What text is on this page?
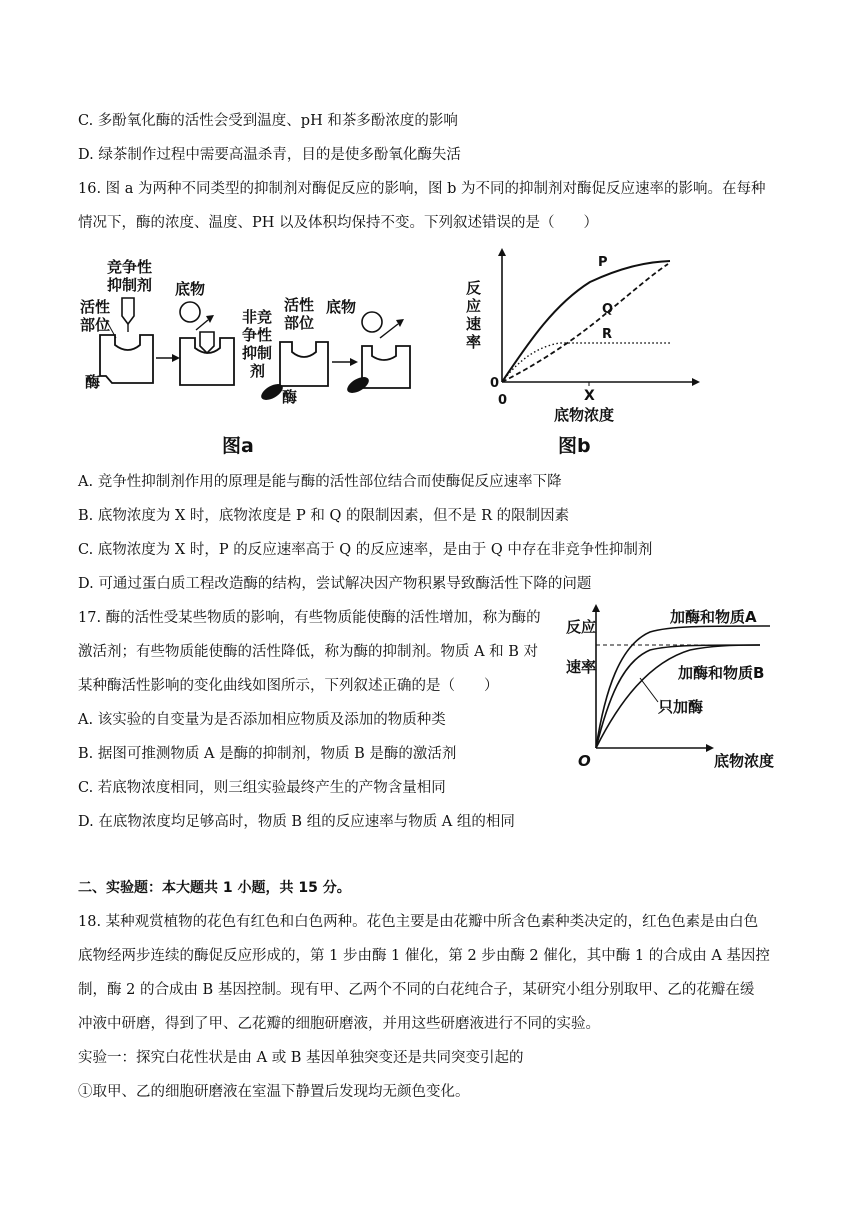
C. 多酚氧化酶的活性会受到温度、pH 和茶多酚浓度的影响
D. 绿茶制作过程中需要高温杀青，目的是使多酚氧化酶失活
16. 图 a 为两种不同类型的抑制剂对酶促反应的影响，图 b 为不同的抑制剂对酶促反应速率的影响。在每种
情况下，酶的浓度、温度、PH 以及体积均保持不变。下列叙述错误的是（　　）
竞争性
抑制剂
活性
部位
酶
底物
非竞
争性
抑制
剂
活性
部位
底物
酶
图a
反
应
速
率
0
0	X
底物浓度
P
Q
R
图b
A. 竞争性抑制剂作用的原理是能与酶的活性部位结合而使酶促反应速率下降
B. 底物浓度为 X 时，底物浓度是 P 和 Q 的限制因素，但不是 R 的限制因素
C. 底物浓度为 X 时，P 的反应速率高于 Q 的反应速率，是由于 Q 中存在非竞争性抑制剂
D. 可通过蛋白质工程改造酶的结构，尝试解决因产物积累导致酶活性下降的问题
17. 酶的活性受某些物质的影响，有些物质能使酶的活性增加，称为酶的
激活剂；有些物质能使酶的活性降低，称为酶的抑制剂。物质 A 和 B 对
某种酶活性影响的变化曲线如图所示，下列叙述正确的是（　　）
A. 该实验的自变量为是否添加相应物质及添加的物质种类
B. 据图可推测物质 A 是酶的抑制剂，物质 B 是酶的激活剂
C. 若底物浓度相同，则三组实验最终产生的产物含量相同
D. 在底物浓度均足够高时，物质 B 组的反应速率与物质 A 组的相同
反应
速率
O	底物浓度
加酶和物质A
加酶和物质B
只加酶
二、实验题：本大题共 1 小题，共 15 分。
18. 某种观赏植物的花色有红色和白色两种。花色主要是由花瓣中所含色素种类决定的，红色色素是由白色
底物经两步连续的酶促反应形成的，第 1 步由酶 1 催化，第 2 步由酶 2 催化，其中酶 1 的合成由 A 基因控
制，酶 2 的合成由 B 基因控制。现有甲、乙两个不同的白花纯合子，某研究小组分别取甲、乙的花瓣在缓
冲液中研磨，得到了甲、乙花瓣的细胞研磨液，并用这些研磨液进行不同的实验。
实验一：探究白花性状是由 A 或 B 基因单独突变还是共同突变引起的
①取甲、乙的细胞研磨液在室温下静置后发现均无颜色变化。
